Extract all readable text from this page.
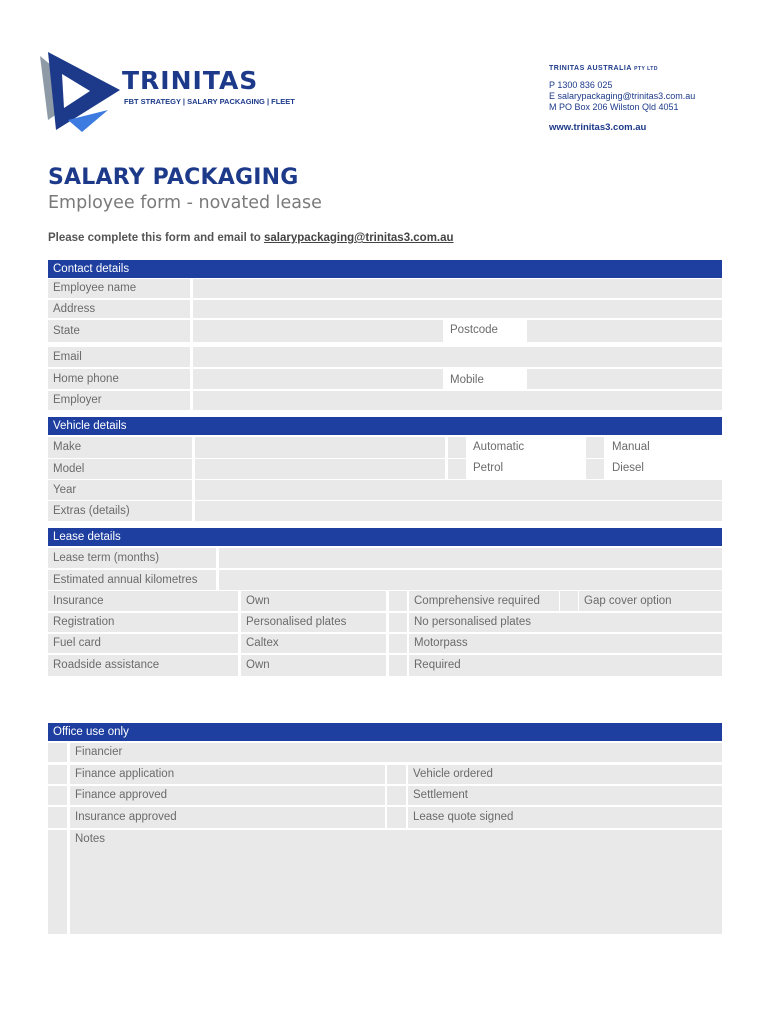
TRINITAS
FBT STRATEGY | SALARY PACKAGING | FLEET
TRINITAS AUSTRALIA PTY LTD
P 1300 836 025
E salarypackaging@trinitas3.com.au
M PO Box 206 Wilston Qld 4051
www.trinitas3.com.au
SALARY PACKAGING
Employee form - novated lease
Please complete this form and email to salarypackaging@trinitas3.com.au
Contact details
Employee name
Address
State	Postcode
Email
Home phone	Mobile
Employer
Vehicle details
Make	Automatic	Manual
Model	Petrol	Diesel
Year
Extras (details)
Lease details
Lease term (months)
Estimated annual kilometres
Insurance	Own	Comprehensive required	Gap cover option
Registration	Personalised plates	No personalised plates
Fuel card	Caltex	Motorpass
Roadside assistance	Own	Required
Office use only
Financier
Finance application	Vehicle ordered
Finance approved	Settlement
Insurance approved	Lease quote signed
Notes
